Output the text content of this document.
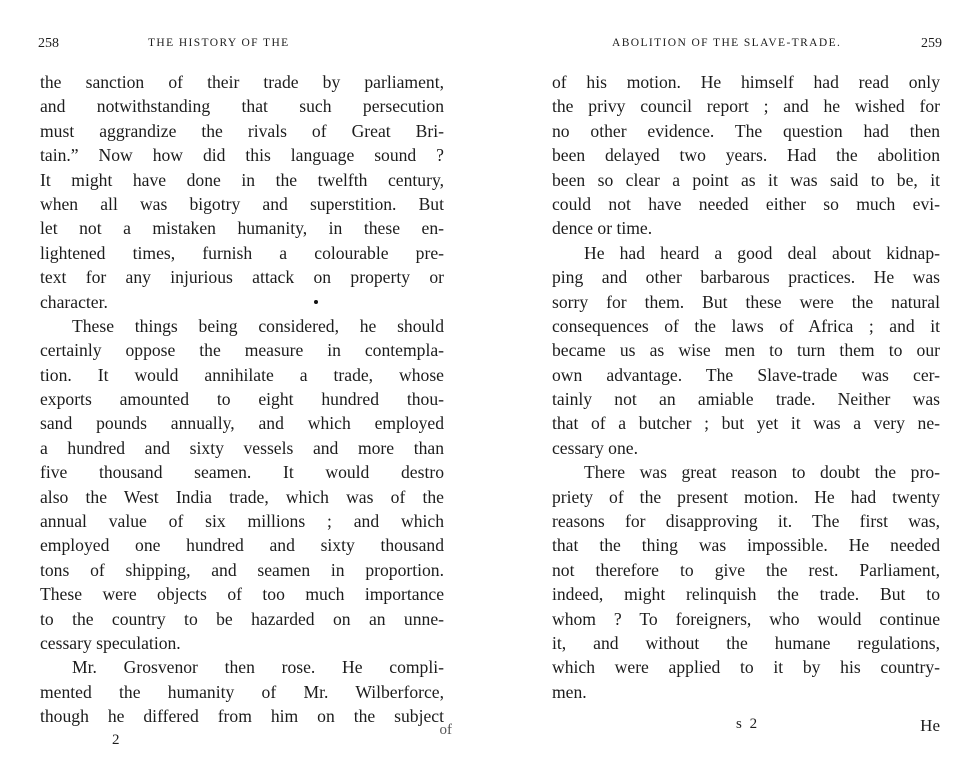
258	THE HISTORY OF THE
the sanction of their trade by parliament,
and notwithstanding that such persecution
must aggrandize the rivals of Great Bri-
tain.” Now how did this language sound ?
It might have done in the twelfth century,
when all was bigotry and superstition. But
let not a mistaken humanity, in these en-
lightened times, furnish a colourable pre-
text for any injurious attack on property or
character.
These things being considered, he should
certainly oppose the measure in contempla-
tion. It would annihilate a trade, whose
exports amounted to eight hundred thou-
sand pounds annually, and which employed
a hundred and sixty vessels and more than
five thousand seamen. It would destro
also the West India trade, which was of the
annual value of six millions ; and which
employed one hundred and sixty thousand
tons of shipping, and seamen in proportion.
These were objects of too much importance
to the country to be hazarded on an unne-
cessary speculation.
Mr. Grosvenor then rose. He compli-
mented the humanity of Mr. Wilberforce,
though he differed from him on the subject
2
of
ABOLITION OF THE SLAVE-TRADE.	259
of his motion. He himself had read only
the privy council report ; and he wished for
no other evidence. The question had then
been delayed two years. Had the abolition
been so clear a point as it was said to be, it
could not have needed either so much evi-
dence or time.
He had heard a good deal about kidnap-
ping and other barbarous practices. He was
sorry for them. But these were the natural
consequences of the laws of Africa ; and it
became us as wise men to turn them to our
own advantage. The Slave-trade was cer-
tainly not an amiable trade. Neither was
that of a butcher ; but yet it was a very ne-
cessary one.
There was great reason to doubt the pro-
priety of the present motion. He had twenty
reasons for disapproving it. The first was,
that the thing was impossible. He needed
not therefore to give the rest. Parliament,
indeed, might relinquish the trade. But to
whom ? To foreigners, who would continue
it, and without the humane regulations,
which were applied to it by his country-
men.
s 2	He
